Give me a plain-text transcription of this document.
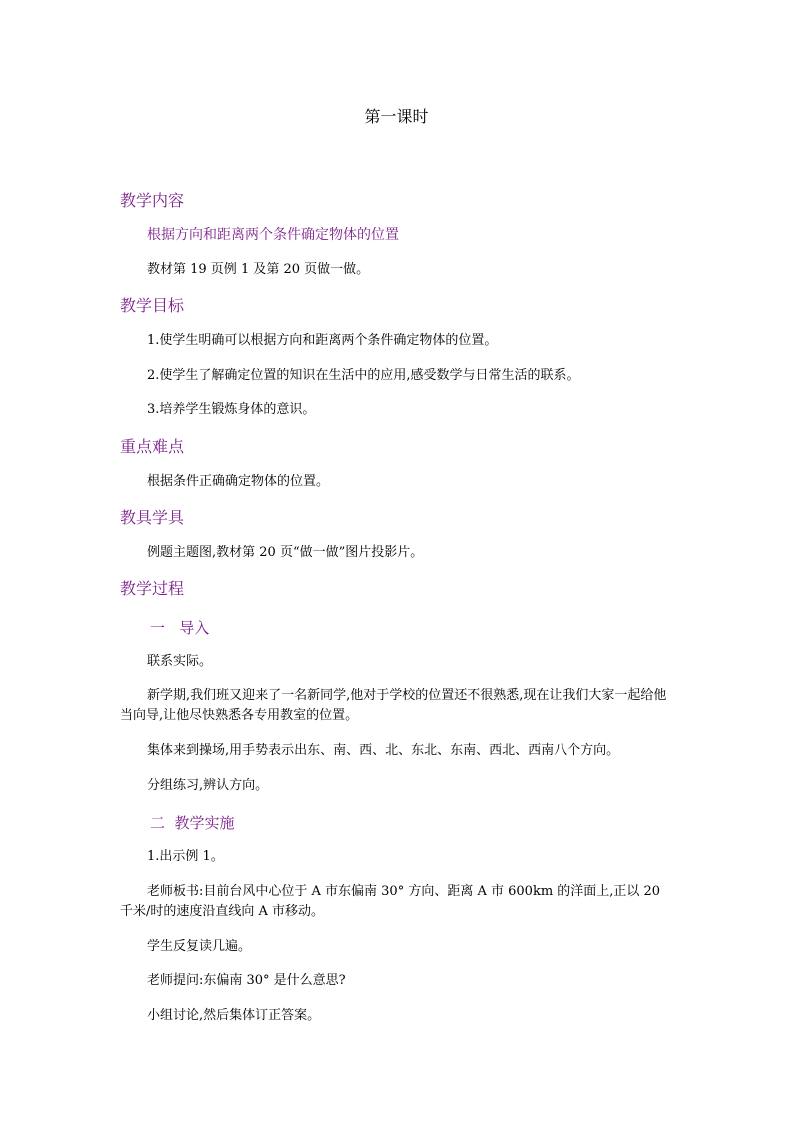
第一课时
教学内容
根据方向和距离两个条件确定物体的位置
教材第 19 页例 1 及第 20 页做一做。
教学目标
1.使学生明确可以根据方向和距离两个条件确定物体的位置。
2.使学生了解确定位置的知识在生活中的应用,感受数学与日常生活的联系。
3.培养学生锻炼身体的意识。
重点难点
根据条件正确确定物体的位置。
教具学具
例题主题图,教材第 20 页“做一做”图片投影片。
教学过程
一   导入
联系实际。
新学期,我们班又迎来了一名新同学,他对于学校的位置还不很熟悉,现在让我们大家一起给他当向导,让他尽快熟悉各专用教室的位置。
集体来到操场,用手势表示出东、南、西、北、东北、东南、西北、西南八个方向。
分组练习,辨认方向。
二  教学实施
1.出示例 1。
老师板书:目前台风中心位于 A 市东偏南 30° 方向、距离 A 市 600km 的洋面上,正以 20 千米/时的速度沿直线向 A 市移动。
学生反复读几遍。
老师提问:东偏南 30° 是什么意思?
小组讨论,然后集体订正答案。
